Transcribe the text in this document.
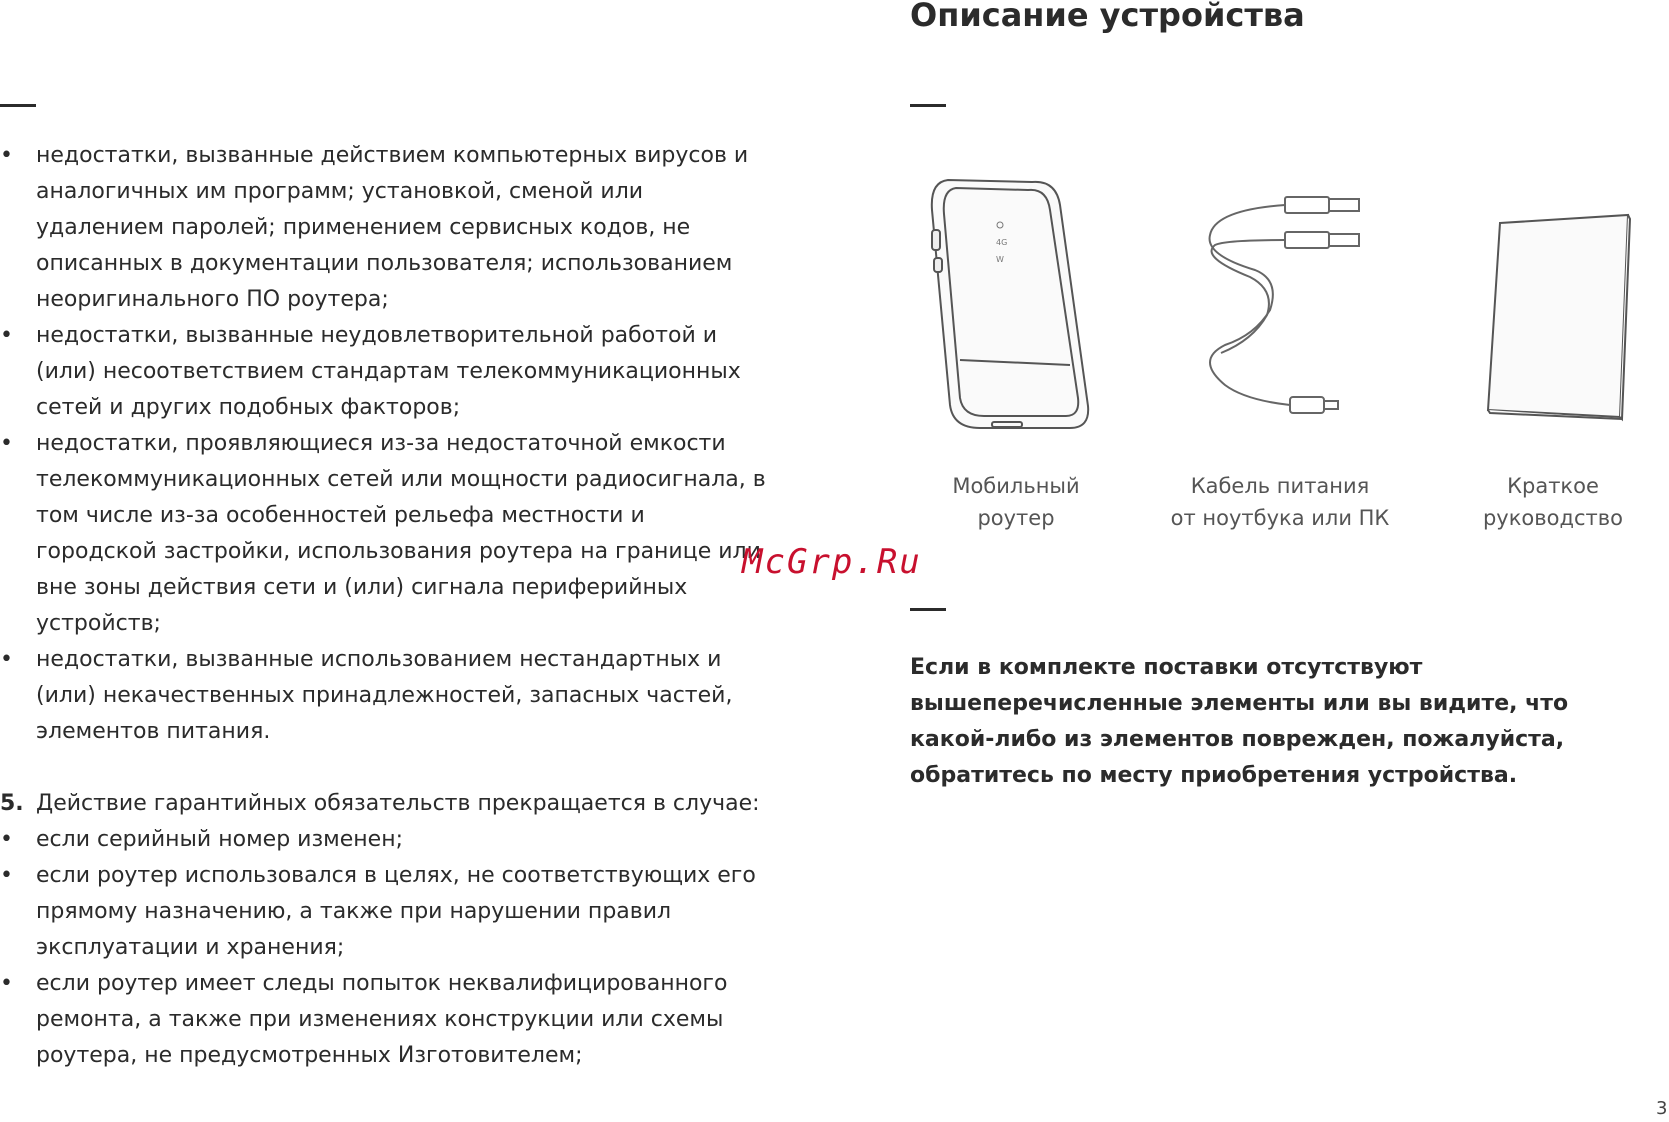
•	недостатки, вызванные действием компьютерных вирусов и аналогичных им программ; установкой, сменой или удалением паролей; применением сервисных кодов, не описанных в документации пользователя; использованием неоригинального ПО роутера;
•	недостатки, вызванные неудовлетворительной работой и (или) несоответствием стандартам телекоммуникационных сетей и других подобных факторов;
•	недостатки, проявляющиеся из-за недостаточной емкости телекоммуникационных сетей или мощности радиосигнала, в том числе из-за особенностей рельефа местности и городской застройки, использования роутера на границе или вне зоны действия сети и (или) сигнала периферийных устройств;
•	недостатки, вызванные использованием нестандартных и (или) некачественных принадлежностей, запасных частей, элементов питания.
5. Действие гарантийных обязательств прекращается в случае:
•	если серийный номер изменен;
•	если роутер использовался в целях, не соответствующих его прямому назначению, а также при нарушении правил эксплуатации и хранения;
•	если роутер имеет следы попыток неквалифицированного ремонта, а также при изменениях конструкции или схемы роутера, не предусмотренных Изготовителем;
Описание устройства
4G
W
Мобильный
роутер
Кабель питания
от ноутбука или ПК
Краткое
руководство
Если в комплекте поставки отсутствуют вышеперечисленные элементы или вы видите, что какой-либо из элементов поврежден, пожалуйста, обратитесь по месту приобретения устройства.
McGrp.Ru
3
